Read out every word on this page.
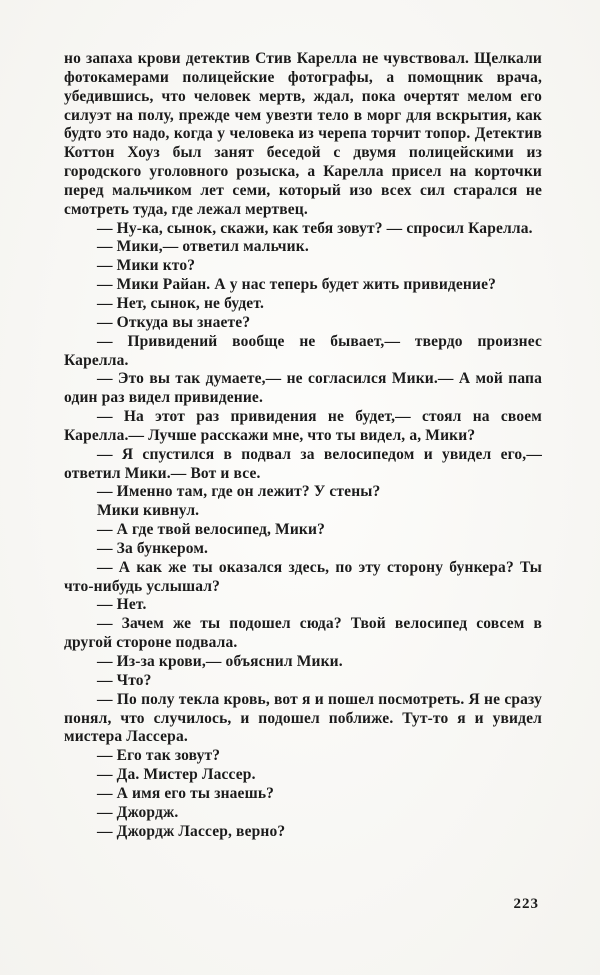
но запаха крови детектив Стив Карелла не чувствовал. Щелкали фотокамерами полицейские фотографы, а помощник врача, убедившись, что человек мертв, ждал, пока очертят мелом его силуэт на полу, прежде чем увезти тело в морг для вскрытия, как будто это надо, когда у человека из черепа торчит топор. Детектив Коттон Хоуз был занят беседой с двумя полицейскими из городского уголовного розыска, а Карелла присел на корточки перед мальчиком лет семи, который изо всех сил старался не смотреть туда, где лежал мертвец.

— Ну-ка, сынок, скажи, как тебя зовут? — спросил Карелла.

— Мики,— ответил мальчик.

— Мики кто?

— Мики Райан. А у нас теперь будет жить привидение?

— Нет, сынок, не будет.

— Откуда вы знаете?

— Привидений вообще не бывает,— твердо произнес Карелла.

— Это вы так думаете,— не согласился Мики.— А мой папа один раз видел привидение.

— На этот раз привидения не будет,— стоял на своем Карелла.— Лучше расскажи мне, что ты видел, а, Мики?

— Я спустился в подвал за велосипедом и увидел его,— ответил Мики.— Вот и все.

— Именно там, где он лежит? У стены?

Мики кивнул.

— А где твой велосипед, Мики?

— За бункером.

— А как же ты оказался здесь, по эту сторону бункера? Ты что-нибудь услышал?

— Нет.

— Зачем же ты подошел сюда? Твой велосипед совсем в другой стороне подвала.

— Из-за крови,— объяснил Мики.

— Что?

— По полу текла кровь, вот я и пошел посмотреть. Я не сразу понял, что случилось, и подошел поближе. Тут-то я и увидел мистера Лассера.

— Его так зовут?

— Да. Мистер Лассер.

— А имя его ты знаешь?

— Джордж.

— Джордж Лассер, верно?

223
